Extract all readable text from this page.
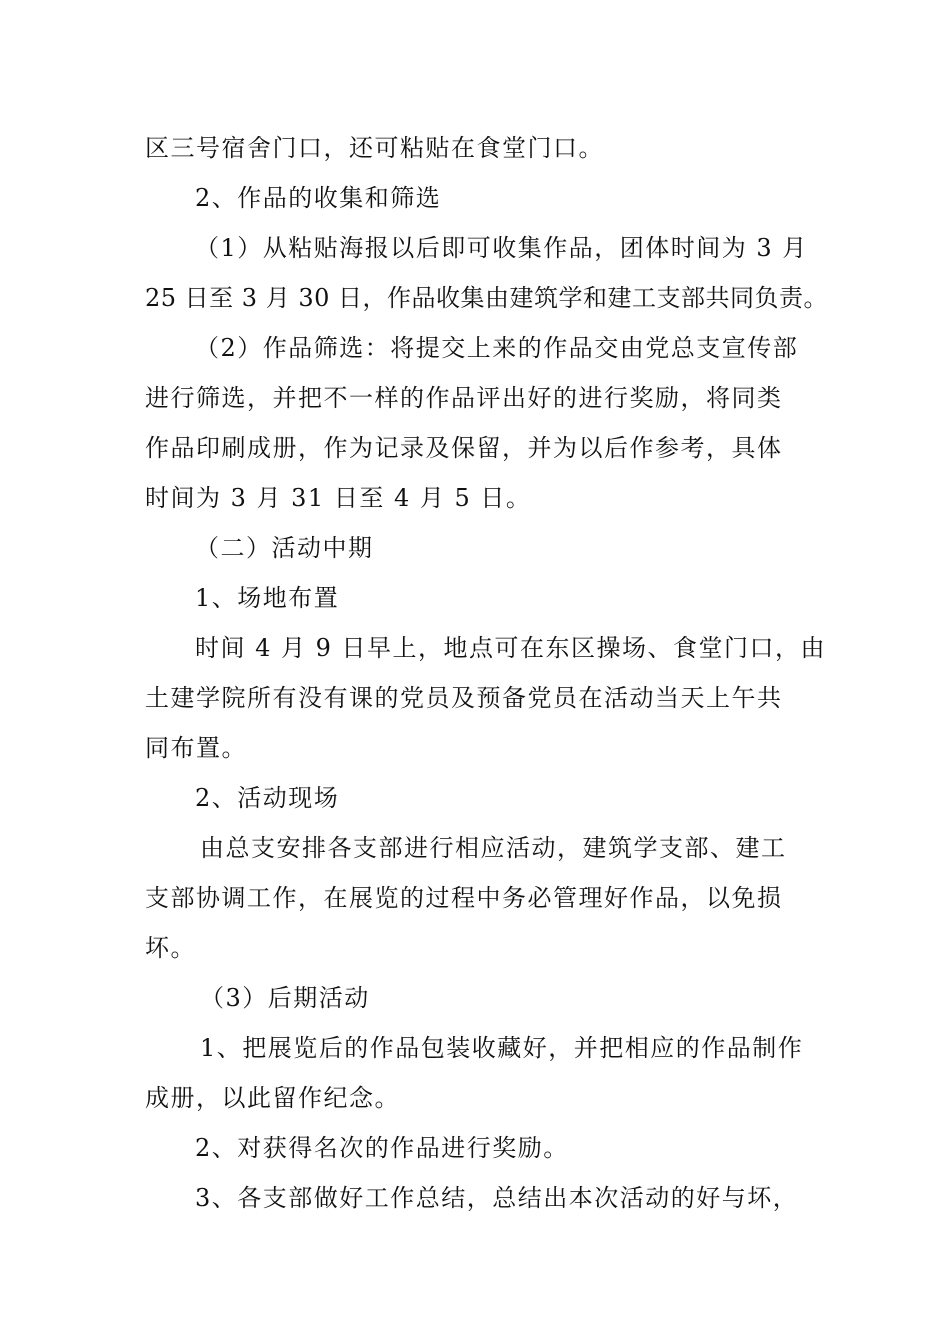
区三号宿舍门口，还可粘贴在食堂门口。
2、作品的收集和筛选
（1）从粘贴海报以后即可收集作品，团体时间为 3 月
25 日至 3 月 30 日，作品收集由建筑学和建工支部共同负责。
（2）作品筛选：将提交上来的作品交由党总支宣传部
进行筛选，并把不一样的作品评出好的进行奖励，将同类
作品印刷成册，作为记录及保留，并为以后作参考，具体
时间为 3 月 31 日至 4 月 5 日。
（二）活动中期
1、场地布置
时间 4 月 9 日早上，地点可在东区操场、食堂门口，由
土建学院所有没有课的党员及预备党员在活动当天上午共
同布置。
2、活动现场
由总支安排各支部进行相应活动，建筑学支部、建工
支部协调工作，在展览的过程中务必管理好作品，以免损
坏。
（3）后期活动
1、把展览后的作品包装收藏好，并把相应的作品制作
成册，以此留作纪念。
2、对获得名次的作品进行奖励。
3、各支部做好工作总结，总结出本次活动的好与坏，
